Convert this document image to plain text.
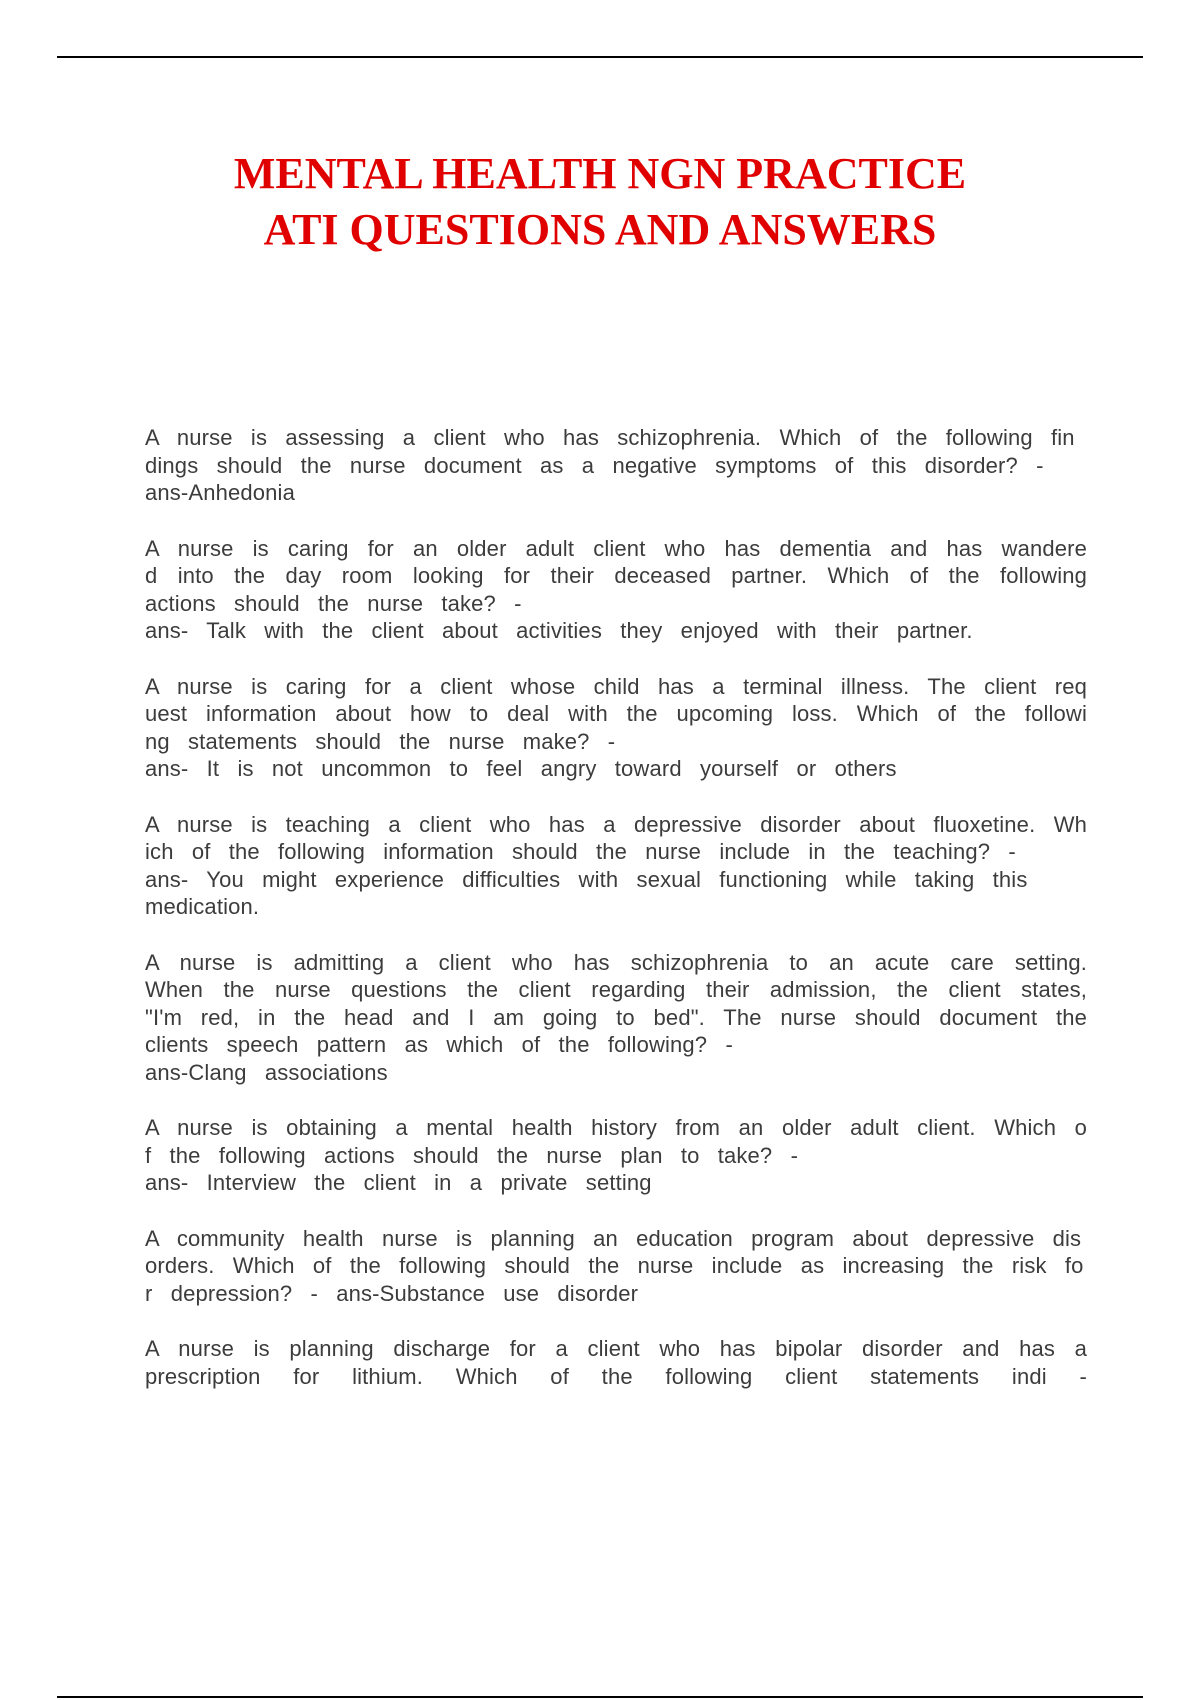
MENTAL HEALTH NGN PRACTICE
ATI QUESTIONS AND ANSWERS

A nurse is assessing a client who has schizophrenia. Which of the following findings should the nurse document as a negative symptoms of this disorder? - ans-Anhedonia

A nurse is caring for an older adult client who has dementia and has wandered into the day room looking for their deceased partner. Which of the following actions should the nurse take? -
ans- Talk with the client about activities they enjoyed with their partner.

A nurse is caring for a client whose child has a terminal illness. The client request information about how to deal with the upcoming loss. Which of the following statements should the nurse make? -
ans- It is not uncommon to feel angry toward yourself or others

A nurse is teaching a client who has a depressive disorder about fluoxetine. Which of the following information should the nurse include in the teaching? -
ans- You might experience difficulties with sexual functioning while taking this medication.

A nurse is admitting a client who has schizophrenia to an acute care setting. When the nurse questions the client regarding their admission, the client states, "I'm red, in the head and I am going to bed". The nurse should document the clients speech pattern as which of the following? -
ans-Clang associations

A nurse is obtaining a mental health history from an older adult client. Which of the following actions should the nurse plan to take? -
ans- Interview the client in a private setting

A community health nurse is planning an education program about depressive disorders. Which of the following should the nurse include as increasing the risk for depression? - ans-Substance use disorder

A nurse is planning discharge for a client who has bipolar disorder and has a prescription for lithium. Which of the following client statements indi -
